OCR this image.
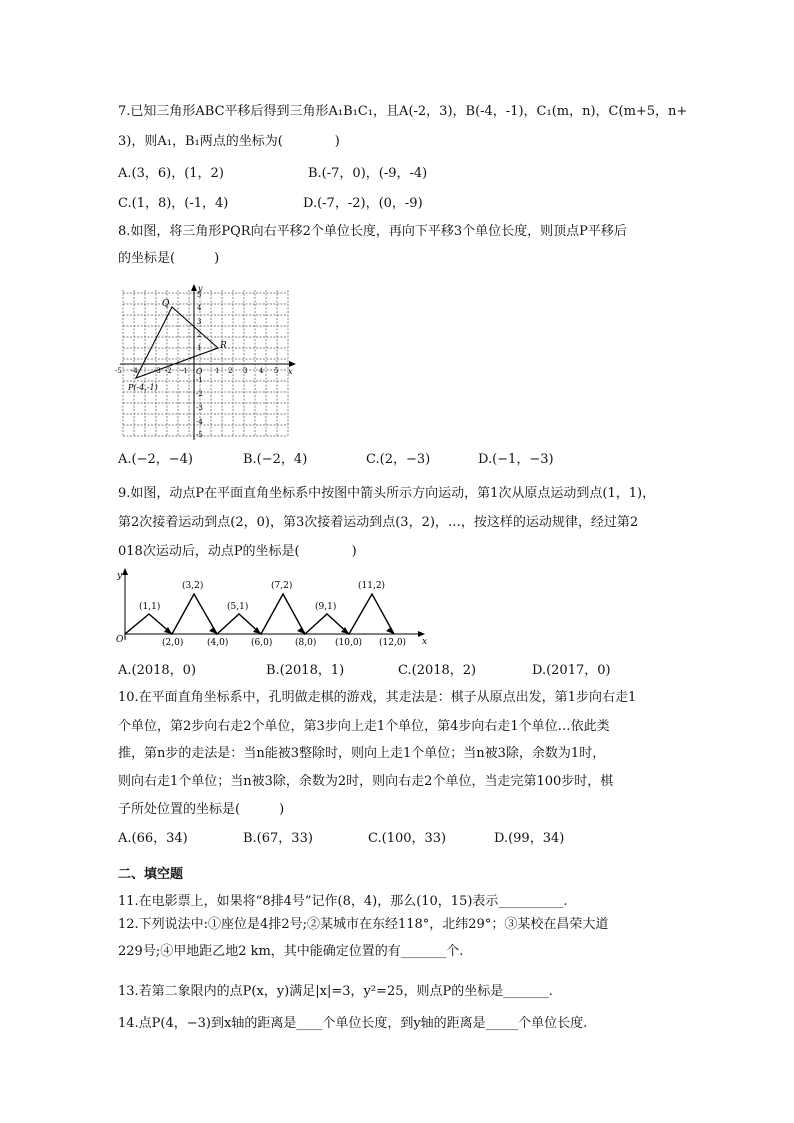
7.已知三角形ABC平移后得到三角形A₁B₁C₁，且A(-2，3)，B(-4，-1)，C₁(m，n)，C(m+5，n+
3)，则A₁，B₁两点的坐标为(　　　　)
A.(3，6)，(1，2)	B.(-7，0)，(-9，-4)
C.(1，8)，(-1，4)	D.(-7，-2)，(0，-9)
8.如图，将三角形PQR向右平移2个单位长度，再向下平移3个单位长度，则顶点P平移后
的坐标是(　　　)
x
y
O
-5 -4 -3 -2 -1	1 2 3 4 5
5
4
3
2
1
-1
-2
-3
-4
-5
Q
R
P(-4,-1)
A.(−2，−4)	B.(−2，4)	C.(2，−3)	D.(−1，−3)
9.如图，动点P在平面直角坐标系中按图中箭头所示方向运动，第1次从原点运动到点(1，1)，
第2次接着运动到点(2，0)，第3次接着运动到点(3，2)，…，按这样的运动规律，经过第2
018次运动后，动点P的坐标是(　　　　)
x
y
O
(1,1)
(3,2)
(5,1)
(7,2)
(9,1)
(11,2)
(2,0)	(4,0)	(6,0)	(8,0) (10,0) (12,0)
A.(2018，0)	B.(2018，1)	C.(2018，2)	D.(2017，0)
10.在平面直角坐标系中，孔明做走棋的游戏，其走法是：棋子从原点出发，第1步向右走1
个单位，第2步向右走2个单位，第3步向上走1个单位，第4步向右走1个单位…依此类
推，第n步的走法是：当n能被3整除时，则向上走1个单位；当n被3除，余数为1时，
则向右走1个单位；当n被3除，余数为2时，则向右走2个单位，当走完第100步时，棋
子所处位置的坐标是(　　　)
A.(66，34)	B.(67，33)	C.(100，33)	D.(99，34)
二、填空题
11.在电影票上，如果将“8排4号”记作(8，4)，那么(10，15)表示__________.
12.下列说法中:①座位是4排2号;②某城市在东经118°，北纬29°；③某校在昌荣大道
229号;④甲地距乙地2 km，其中能确定位置的有_______个.
13.若第二象限内的点P(x，y)满足|x|=3，y²=25，则点P的坐标是_______.
14.点P(4，−3)到x轴的距离是____个单位长度，到y轴的距离是_____个单位长度.
